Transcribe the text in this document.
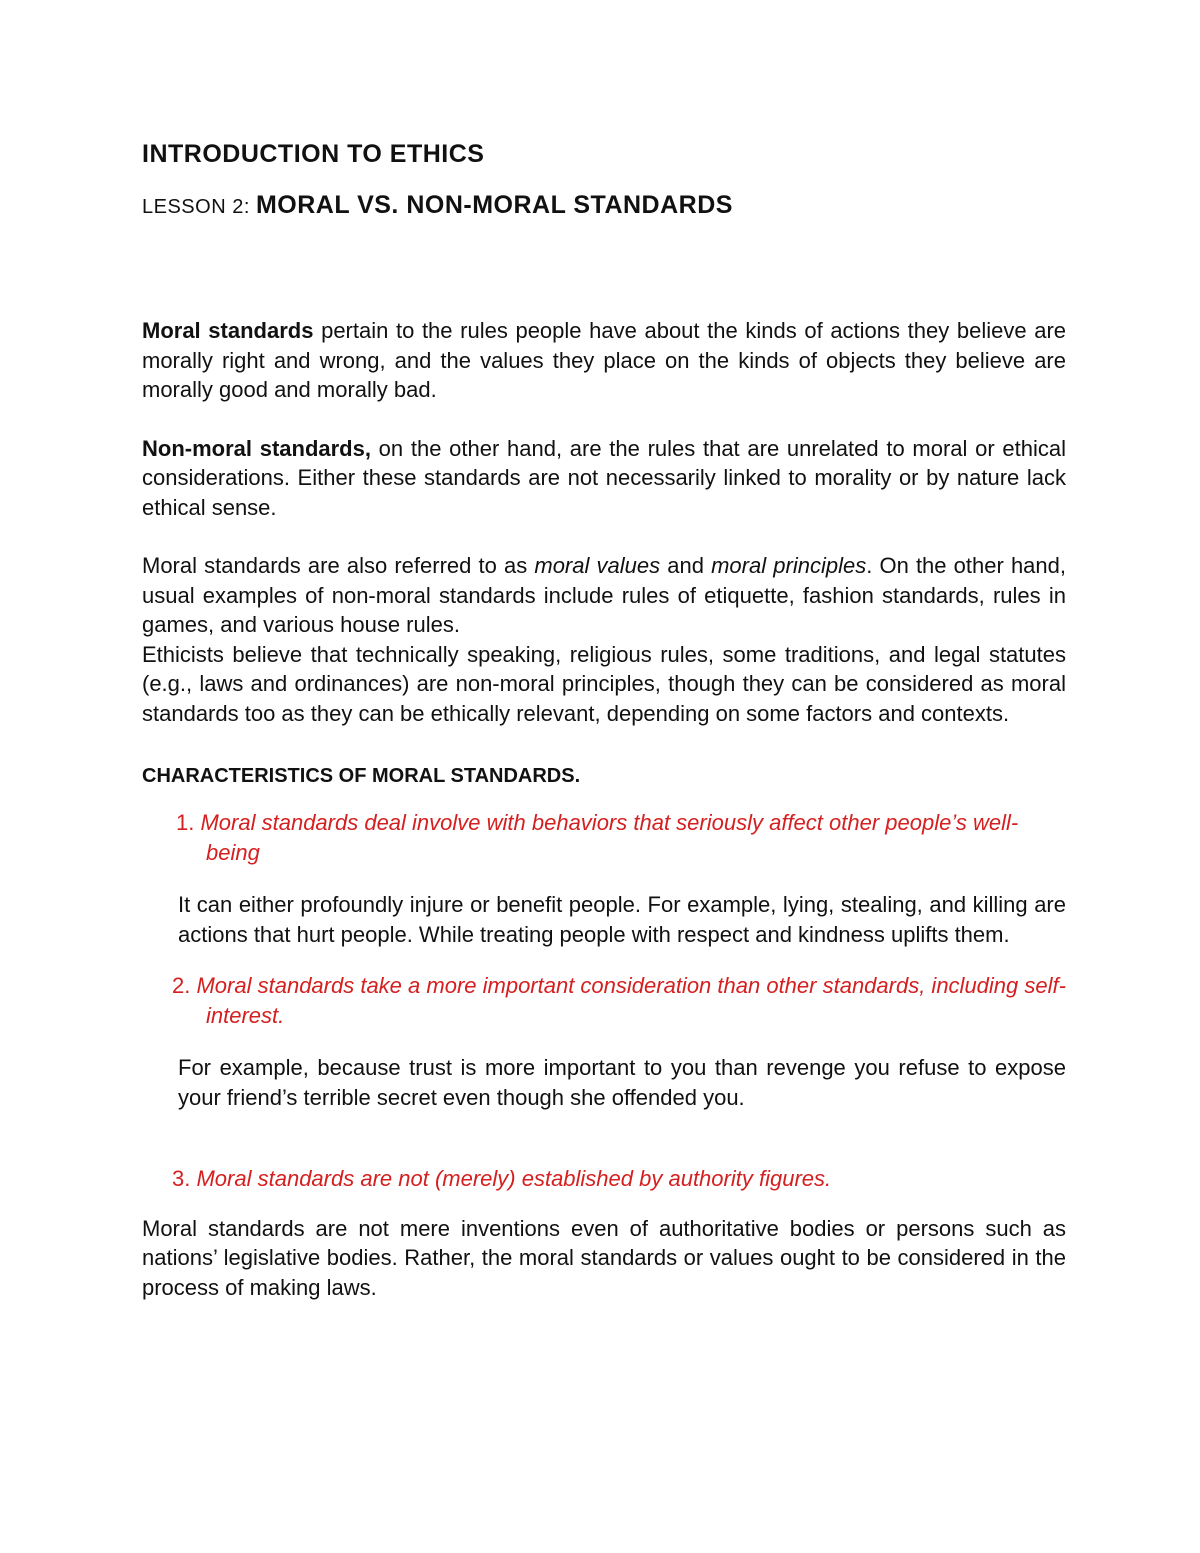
INTRODUCTION TO ETHICS
LESSON 2: MORAL VS. NON-MORAL STANDARDS

Moral standards pertain to the rules people have about the kinds of actions they believe are morally right and wrong, and the values they place on the kinds of objects they believe are morally good and morally bad.

Non-moral standards, on the other hand, are the rules that are unrelated to moral or ethical considerations. Either these standards are not necessarily linked to morality or by nature lack ethical sense.

Moral standards are also referred to as moral values and moral principles. On the other hand, usual examples of non-moral standards include rules of etiquette, fashion standards, rules in games, and various house rules.

Ethicists believe that technically speaking, religious rules, some traditions, and legal statutes (e.g., laws and ordinances) are non-moral principles, though they can be considered as moral standards too as they can be ethically relevant, depending on some factors and contexts.

CHARACTERISTICS OF MORAL STANDARDS.

1. Moral standards deal involve with behaviors that seriously affect other people’s well-being

It can either profoundly injure or benefit people. For example, lying, stealing, and killing are actions that hurt people. While treating people with respect and kindness uplifts them.

2. Moral standards take a more important consideration than other standards, including self-interest.

For example, because trust is more important to you than revenge you refuse to expose your friend’s terrible secret even though she offended you.

3. Moral standards are not (merely) established by authority figures.

Moral standards are not mere inventions even of authoritative bodies or persons such as nations’ legislative bodies. Rather, the moral standards or values ought to be considered in the process of making laws.
